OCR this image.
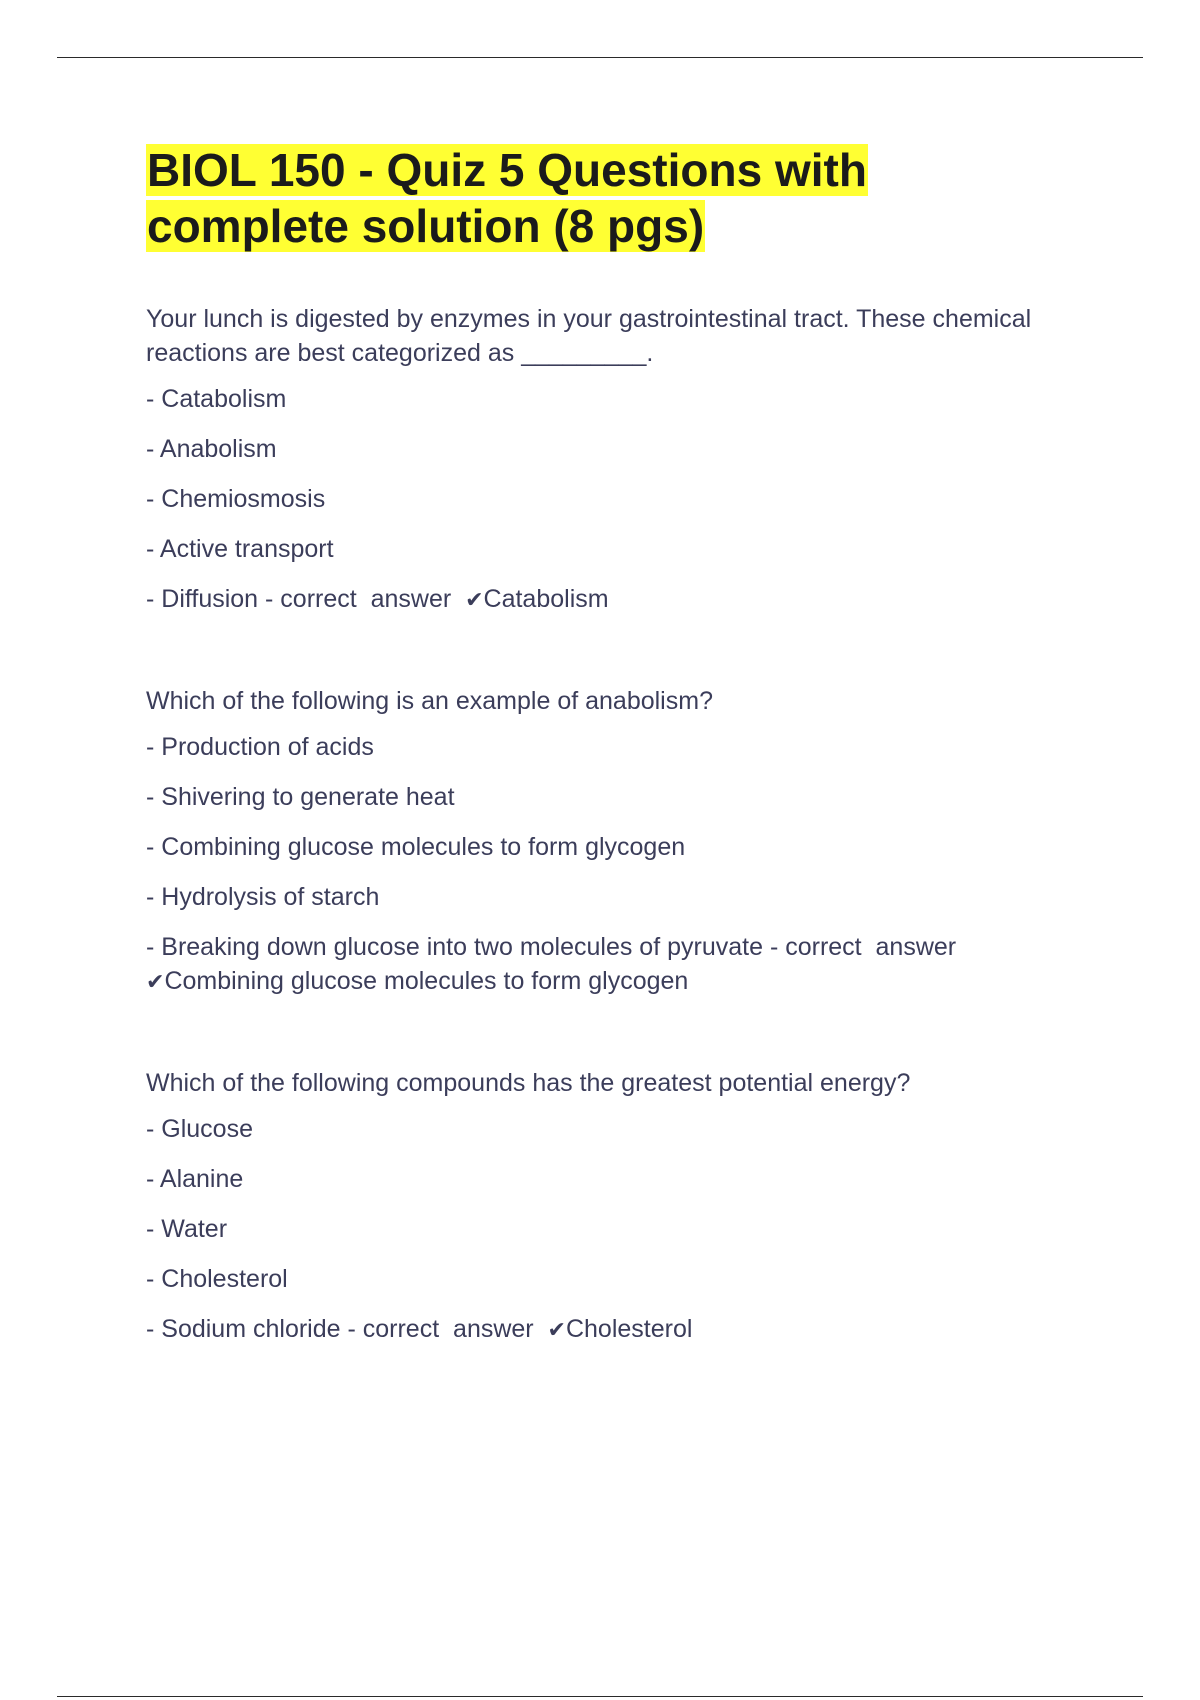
BIOL 150 - Quiz 5 Questions with complete solution (8 pgs)

Your lunch is digested by enzymes in your gastrointestinal tract. These chemical reactions are best categorized as _________.

- Catabolism
- Anabolism
- Chemiosmosis
- Active transport
- Diffusion - correct  answer  ✔Catabolism

Which of the following is an example of anabolism?

- Production of acids
- Shivering to generate heat
- Combining glucose molecules to form glycogen
- Hydrolysis of starch
- Breaking down glucose into two molecules of pyruvate - correct  answer  ✔Combining glucose molecules to form glycogen

Which of the following compounds has the greatest potential energy?

- Glucose
- Alanine
- Water
- Cholesterol
- Sodium chloride - correct  answer  ✔Cholesterol
